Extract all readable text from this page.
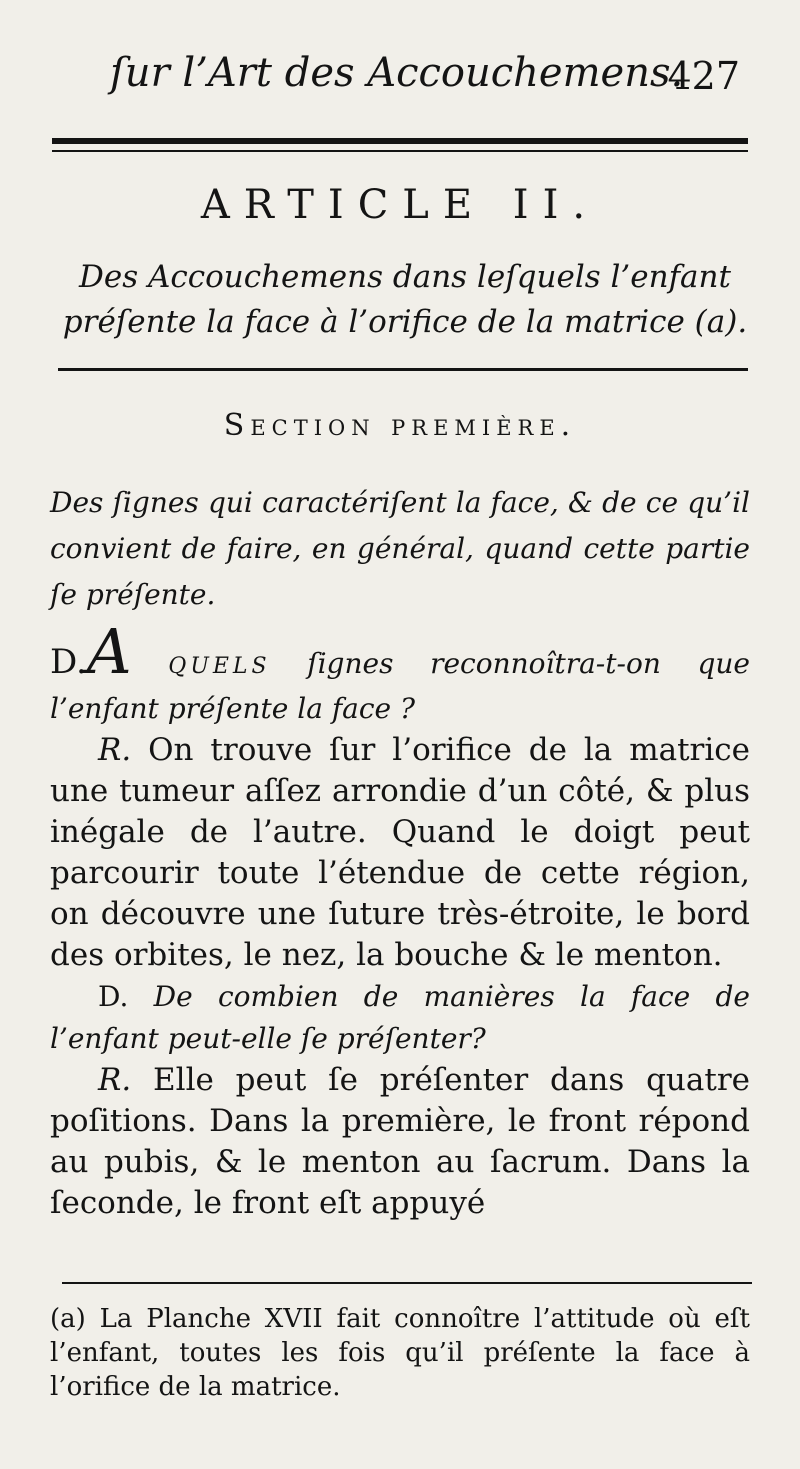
ſur l’Art des Accouchemens.
427
ARTICLE II.
Des Accouchemens dans leſquels l’enfant préſente la face à l’orifice de la matrice (a).
Section première.
Des ſignes qui caractériſent la face, & de ce qu’il convient de faire, en général, quand cette partie ſe préſente.

D.A QUELS ſignes reconnoîtra-t-on que l’enfant préſente la face ?

R. On trouve ſur l’orifice de la matrice une tumeur aſſez arrondie d’un côté, & plus inégale de l’autre. Quand le doigt peut parcourir toute l’étendue de cette région, on découvre une ſuture très-étroite, le bord des orbites, le nez, la bouche & le menton.

D. De combien de manières la face de l’enfant peut-elle ſe préſenter?

R. Elle peut ſe préſenter dans quatre poſitions. Dans la première, le front répond au pubis, & le menton au ſacrum. Dans la ſeconde, le front eſt appuyé

(a) La Planche XVII fait connoître l’attitude où eſt l’enfant, toutes les fois qu’il préſente la face à l’orifice de la matrice.
